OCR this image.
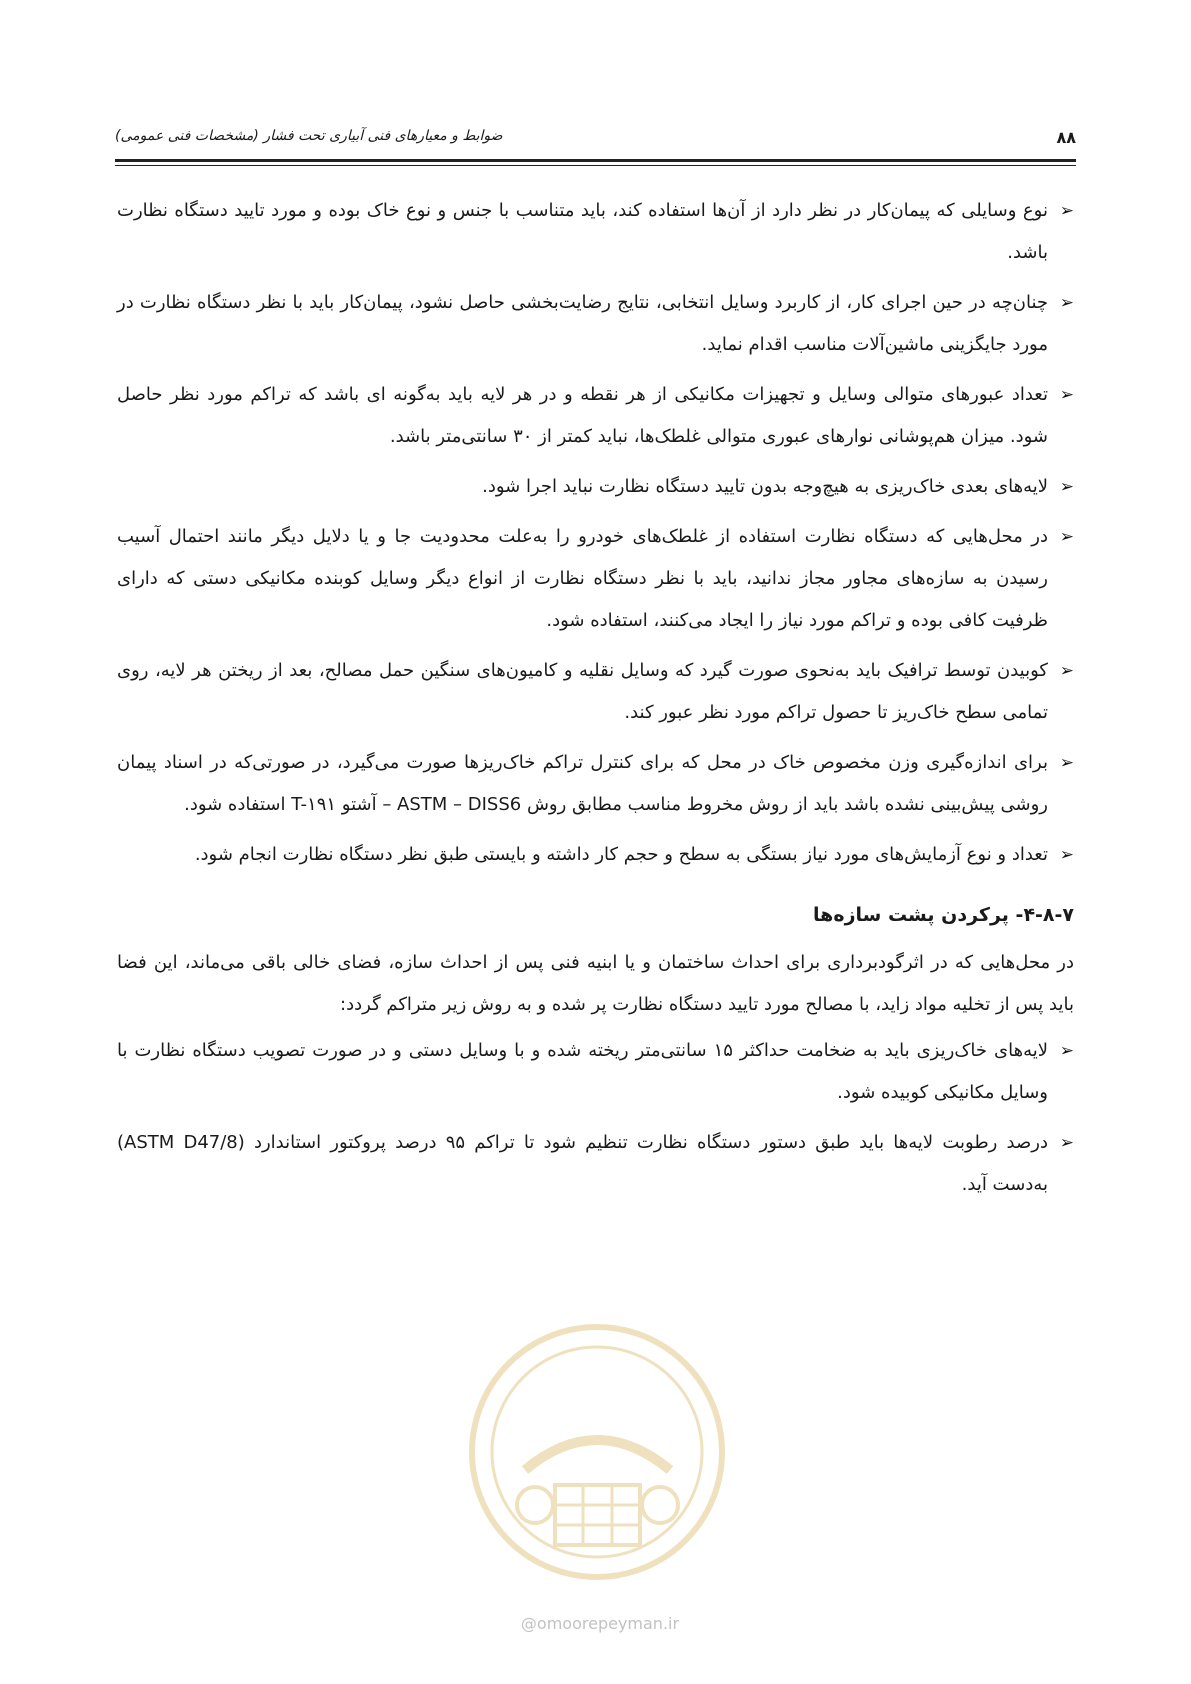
ضوابط و معیارهای فنی آبیاری تحت فشار (مشخصات فنی عمومی)	۸۸

➢
نوع وسایلی که پیمان‌کار در نظر دارد از آن‌ها استفاده کند، باید متناسب با جنس و نوع خاک بوده و مورد تایید دستگاه نظارت باشد.

➢
چنان‌چه در حین اجرای کار، از کاربرد وسایل انتخابی، نتایج رضایت‌بخشی حاصل نشود، پیمان‌کار باید با نظر دستگاه نظارت در مورد جایگزینی ماشین‌آلات مناسب اقدام نماید.

➢
تعداد عبورهای متوالی وسایل و تجهیزات مکانیکی از هر نقطه و در هر لایه باید به‌گونه ای باشد که تراکم مورد نظر حاصل شود. میزان هم‌پوشانی نوارهای عبوری متوالی غلطک‌ها، نباید کمتر از ۳۰ سانتی‌متر باشد.

➢
لایه‌های بعدی خاک‌ریزی به هیچ‌وجه بدون تایید دستگاه نظارت نباید اجرا شود.

➢
در محل‌هایی که دستگاه نظارت استفاده از غلطک‌های خودرو را به‌علت محدودیت جا و یا دلایل دیگر مانند احتمال آسیب رسیدن به سازه‌های مجاور مجاز ندانید، باید با نظر دستگاه نظارت از انواع دیگر وسایل کوبنده مکانیکی دستی که دارای ظرفیت کافی بوده و تراکم مورد نیاز را ایجاد می‌کنند، استفاده شود.

➢
کوبیدن توسط ترافیک باید به‌نحوی صورت گیرد که وسایل نقلیه و کامیون‌های سنگین حمل مصالح، بعد از ریختن هر لایه، روی تمامی سطح خاک‌ریز تا حصول تراکم مورد نظر عبور کند.

➢
برای اندازه‌گیری وزن مخصوص خاک در محل که برای کنترل تراکم خاک‌ریزها صورت می‌گیرد، در صورتی‌که در اسناد پیمان روشی پیش‌بینی نشده باشد باید از روش مخروط مناسب مطابق روش ASTM – DISS6 – آشتو T-۱۹۱ استفاده شود.

➢
تعداد و نوع آزمایش‌های مورد نیاز بستگی به سطح و حجم کار داشته و بایستی طبق نظر دستگاه نظارت انجام شود.

۴-۸-۷- پرکردن پشت سازه‌ها

در محل‌هایی که در اثرگودبرداری برای احداث ساختمان و یا ابنیه فنی پس از احداث سازه، فضای خالی باقی می‌ماند، این فضا باید پس از تخلیه مواد زاید، با مصالح مورد تایید دستگاه نظارت پر شده و به روش زیر متراکم گردد:

➢
لایه‌های خاک‌ریزی باید به ضخامت حداکثر ۱۵ سانتی‌متر ریخته شده و با وسایل دستی و در صورت تصویب دستگاه نظارت با وسایل مکانیکی کوبیده شود.

➢
درصد رطوبت لایه‌ها باید طبق دستور دستگاه نظارت تنظیم شود تا تراکم ۹۵ درصد پروکتور استاندارد (ASTM D47/8) به‌دست آید.

@omoorepeyman.ir
